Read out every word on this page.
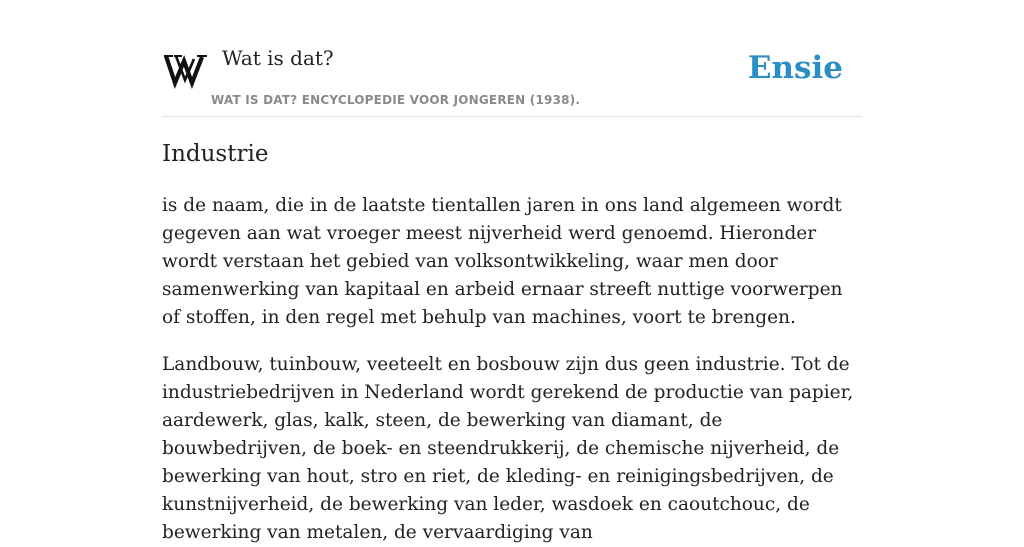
Wat is dat?
WAT IS DAT? ENCYCLOPEDIE VOOR JONGEREN (1938).
Ensie
Industrie

is de naam, die in de laatste tientallen jaren in ons land algemeen wordt gegeven aan wat vroeger meest nijverheid werd genoemd. Hieronder wordt verstaan het gebied van volksontwikkeling, waar men door samenwerking van kapitaal en arbeid ernaar streeft nuttige voorwerpen of stoffen, in den regel met behulp van machines, voort te brengen.

Landbouw, tuinbouw, veeteelt en bosbouw zijn dus geen industrie. Tot de industriebedrijven in Nederland wordt gerekend de productie van papier, aardewerk, glas, kalk, steen, de bewerking van diamant, de bouwbedrijven, de boek- en steendrukkerij, de chemische nijverheid, de bewerking van hout, stro en riet, de kleding- en reinigingsbedrijven, de kunstnijverheid, de bewerking van leder, wasdoek en caoutchouc, de bewerking van metalen, de vervaardiging van
